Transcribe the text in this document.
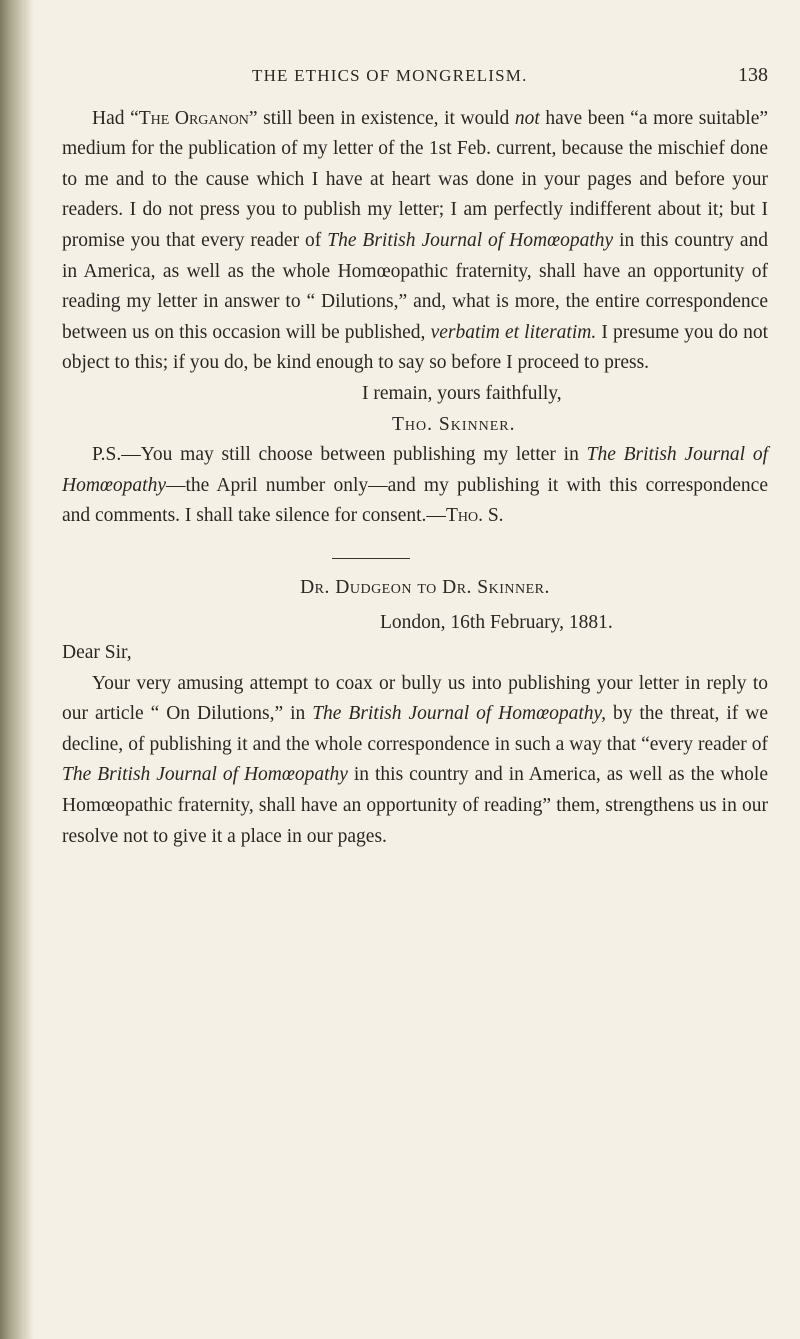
THE ETHICS OF MONGRELISM.	138

Had “The Organon” still been in existence, it would not have been “a more suitable” medium for the publication of my letter of the 1st Feb. current, because the mischief done to me and to the cause which I have at heart was done in your pages and before your readers. I do not press you to publish my letter; I am perfectly indifferent about it; but I promise you that every reader of The British Journal of Homœopathy in this country and in America, as well as the whole Homœopathic fraternity, shall have an opportunity of reading my letter in answer to “ Dilutions,” and, what is more, the entire correspondence between us on this occasion will be published, verbatim et literatim. I presume you do not object to this; if you do, be kind enough to say so before I proceed to press.

I remain, yours faithfully,

Tho. Skinner.

P.S.—You may still choose between publishing my letter in The British Journal of Homœopathy—the April number only—and my publishing it with this correspondence and comments. I shall take silence for consent.—Tho. S.

Dr. Dudgeon to Dr. Skinner.

London, 16th February, 1881.

Dear Sir,

Your very amusing attempt to coax or bully us into publishing your letter in reply to our article “ On Dilutions,” in The British Journal of Homœopathy, by the threat, if we decline, of publishing it and the whole correspondence in such a way that “every reader of The British Journal of Homœopathy in this country and in America, as well as the whole Homœopathic fraternity, shall have an opportunity of reading” them, strengthens us in our resolve not to give it a place in our pages.
